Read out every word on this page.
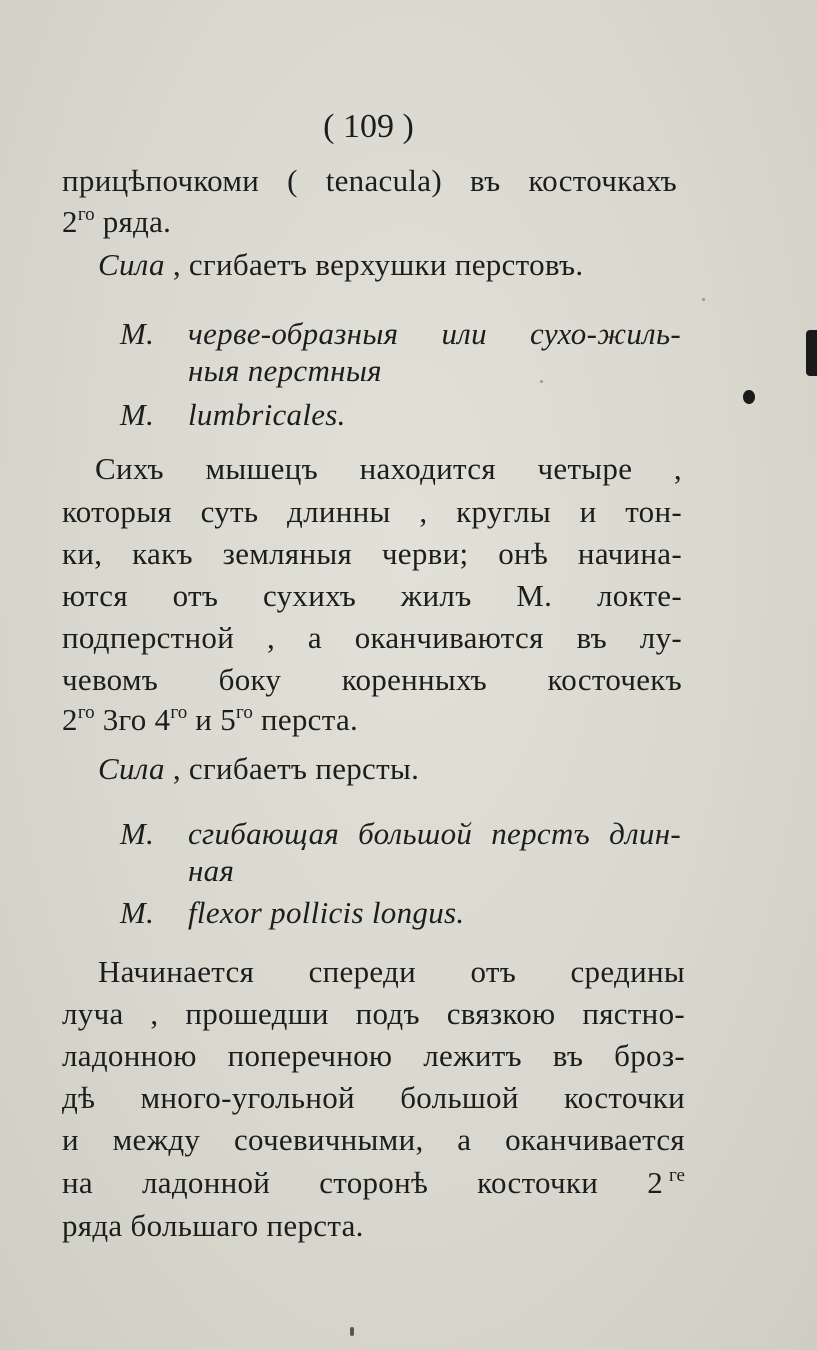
( 109 )
прицѣпочкоми ( tenacula) въ косточкахъ
$2^{го}$ ряда.
Сила , сгибаетъ верхушки перстовъ.
М. черве-образныя или сухо-жиль-
ныя перстныя
M. lumbricales.
Сихъ мышецъ находится четыре ,
которыя суть длинны , круглы и тон-
ки, какъ земляныя черви; онѣ начина-
ются отъ сухихъ жилъ М. локте-
подперстной , а оканчиваются въ лу-
чевомъ боку коренныхъ косточекъ
$2^{го}$ 3го $4^{го}$ и $5^{го}$ перста.
Сила , сгибаетъ персты.
М. сгибающая большой перстъ длин-
ная
M. flexor pollicis longus.
Начинается спереди отъ средины
луча , прошедши подъ связкою пястно-
ладонною поперечною лежитъ въ броз-
дѣ много-угольной большой косточки
и между сочевичными, а оканчивается
на ладонной сторонѣ косточки 2 ге
ряда большаго перста.
